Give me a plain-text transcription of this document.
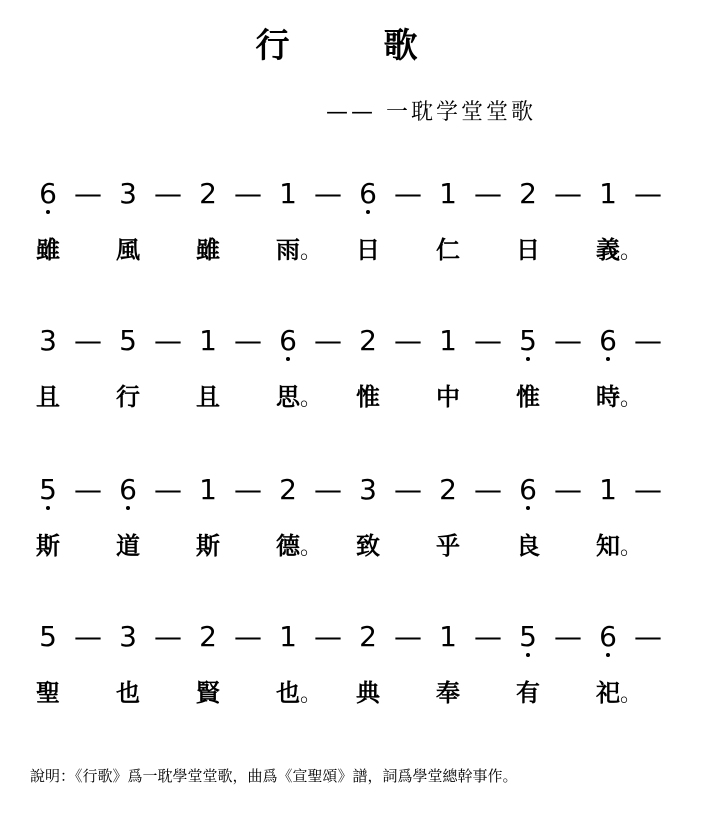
行　歌
—— 一耽学堂堂歌
6 — 3 — 2 — 1 — 6 — 1 — 2 — 1 —
雖 風 雖 雨 。 日 仁 日 義 。
3 — 5 — 1 — 6 — 2 — 1 — 5 — 6 —
且 行 且 思 。 惟 中 惟 時 。
5 — 6 — 1 — 2 — 3 — 2 — 6 — 1 —
斯 道 斯 德 。 致 乎 良 知 。
5 — 3 — 2 — 1 — 2 — 1 — 5 — 6 —
聖 也 賢 也 。 典 奉 有 祀 。
說明：《行歌》爲一耽學堂堂歌，曲爲《宣聖頌》譜，詞爲學堂總幹事作。
